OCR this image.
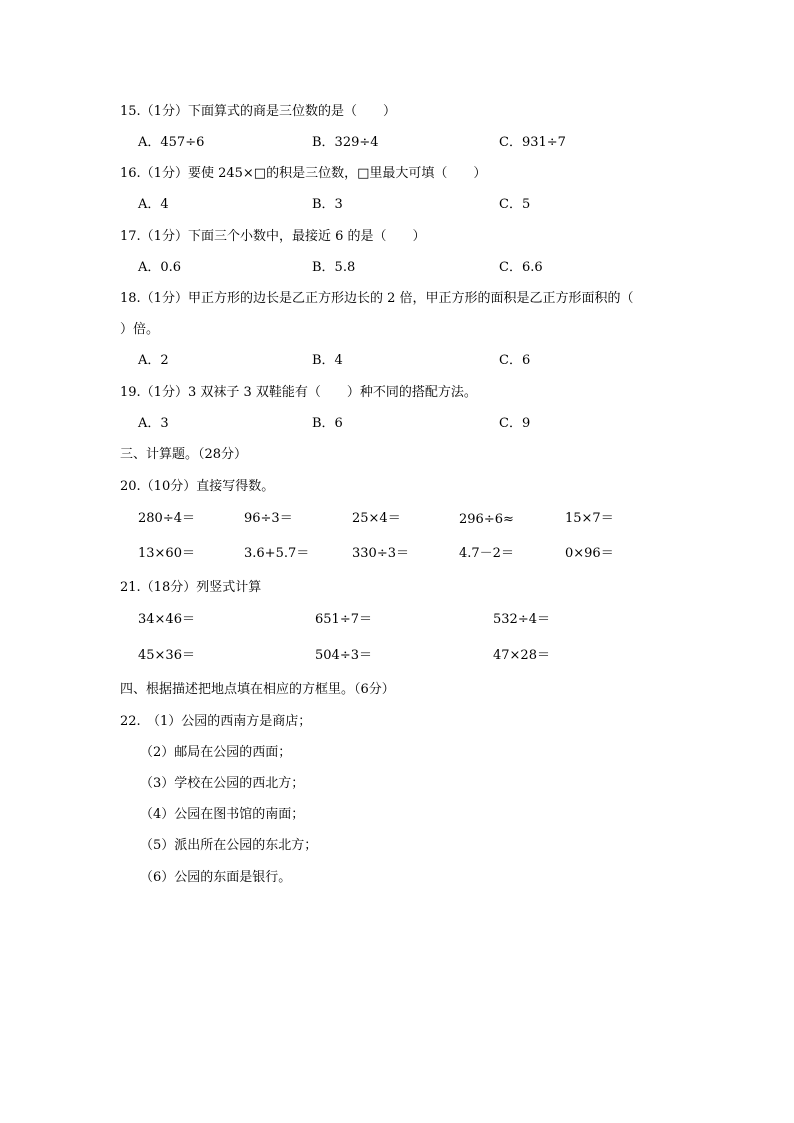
15.（1分）下面算式的商是三位数的是（　　）
A．457÷6	B．329÷4	C．931÷7
16.（1分）要使 245×□的积是三位数，□里最大可填（　　）
A．4	B．3	C．5
17.（1分）下面三个小数中，最接近 6 的是（　　）
A．0.6	B．5.8	C．6.6
18.（1分）甲正方形的边长是乙正方形边长的 2 倍，甲正方形的面积是乙正方形面积的（
）倍。
A．2	B．4	C．6
19.（1分）3 双袜子 3 双鞋能有（　　）种不同的搭配方法。
A．3	B．6	C．9
三、计算题。（28分）
20.（10分）直接写得数。
280÷4＝	96÷3＝	25×4＝	296÷6≈	15×7＝
13×60＝	3.6+5.7＝	330÷3＝	4.7－2＝	0×96＝
21.（18分）列竖式计算
34×46＝	651÷7＝	532÷4＝
45×36＝	504÷3＝	47×28＝
四、根据描述把地点填在相应的方框里。（6分）
22. （1）公园的西南方是商店；
（2）邮局在公园的西面；
（3）学校在公园的西北方；
（4）公园在图书馆的南面；
（5）派出所在公园的东北方；
（6）公园的东面是银行。
